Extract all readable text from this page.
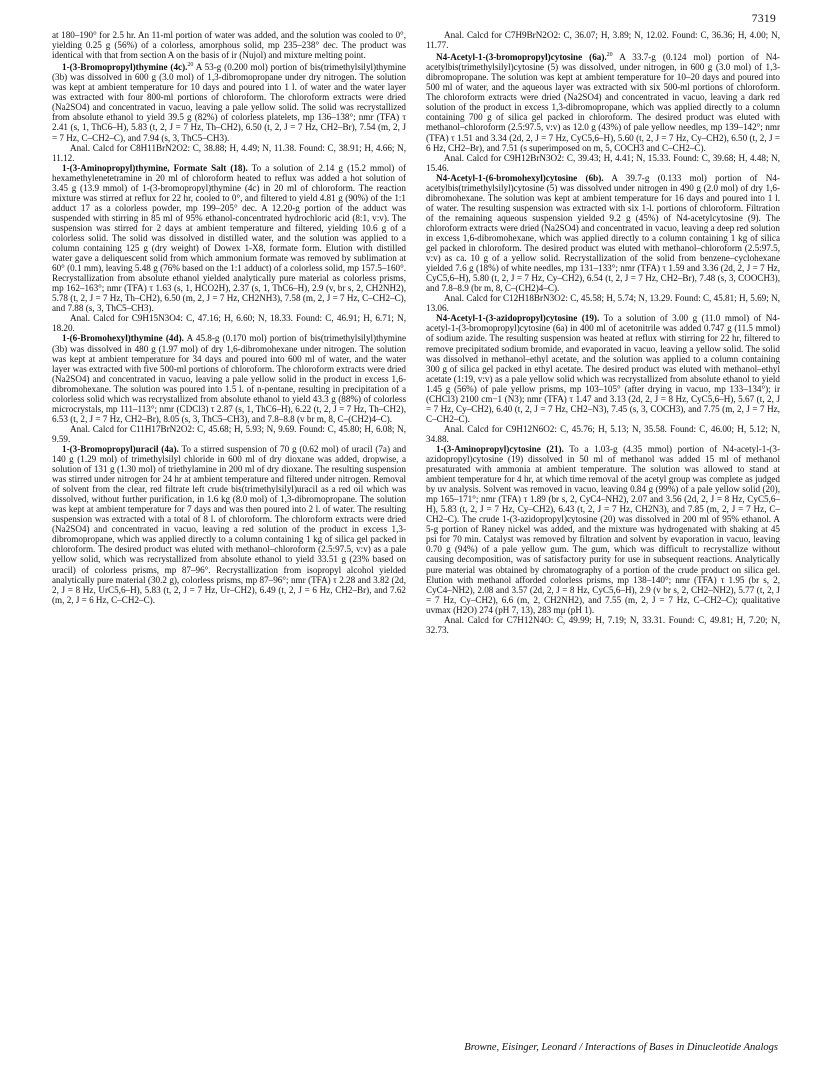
7319

at 180–190° for 2.5 hr. An 11-ml portion of water was added, and the solution was cooled to 0°, yielding 0.25 g (56%) of a colorless, amorphous solid, mp 235–238° dec. The product was identical with that from section A on the basis of ir (Nujol) and mixture melting point.

1-(3-Bromopropyl)thymine (4c).$^{20}$ A 53-g (0.200 mol) portion of bis(trimethylsilyl)thymine (3b) was dissolved in 600 g (3.0 mol) of 1,3-dibromopropane under dry nitrogen. The solution was kept at ambient temperature for 10 days and poured into 1 l. of water and the water layer was extracted with four 800-ml portions of chloroform. The chloroform extracts were dried (Na2SO4) and concentrated in vacuo, leaving a pale yellow solid. The solid was recrystallized from absolute ethanol to yield 39.5 g (82%) of colorless platelets, mp 136–138°; nmr (TFA) τ 2.41 (s, 1, ThC6–H), 5.83 (t, 2, J = 7 Hz, Th–CH2), 6.50 (t, 2, J = 7 Hz, CH2–Br), 7.54 (m, 2, J = 7 Hz, C–CH2–C), and 7.94 (s, 3, ThC5–CH3).

Anal. Calcd for C8H11BrN2O2: C, 38.88; H, 4.49; N, 11.38. Found: C, 38.91; H, 4.66; N, 11.12.

1-(3-Aminopropyl)thymine, Formate Salt (18). To a solution of 2.14 g (15.2 mmol) of hexamethylenetetramine in 20 ml of chloroform heated to reflux was added a hot solution of 3.45 g (13.9 mmol) of 1-(3-bromopropyl)thymine (4c) in 20 ml of chloroform. The reaction mixture was stirred at reflux for 22 hr, cooled to 0°, and filtered to yield 4.81 g (90%) of the 1:1 adduct 17 as a colorless powder, mp 199–205° dec. A 12.20-g portion of the adduct was suspended with stirring in 85 ml of 95% ethanol-concentrated hydrochloric acid (8:1, v:v). The suspension was stirred for 2 days at ambient temperature and filtered, yielding 10.6 g of a colorless solid. The solid was dissolved in distilled water, and the solution was applied to a column containing 125 g (dry weight) of Dowex 1-X8, formate form. Elution with distilled water gave a deliquescent solid from which ammonium formate was removed by sublimation at 60° (0.1 mm), leaving 5.48 g (76% based on the 1:1 adduct) of a colorless solid, mp 157.5–160°. Recrystallization from absolute ethanol yielded analytically pure material as colorless prisms, mp 162–163°; nmr (TFA) τ 1.63 (s, 1, HCO2H), 2.37 (s, 1, ThC6–H), 2.9 (v, br s, 2, CH2NH2), 5.78 (t, 2, J = 7 Hz, Th–CH2), 6.50 (m, 2, J = 7 Hz, CH2NH3), 7.58 (m, 2, J = 7 Hz, C–CH2–C), and 7.88 (s, 3, ThC5–CH3).

Anal. Calcd for C9H15N3O4: C, 47.16; H, 6.60; N, 18.33. Found: C, 46.91; H, 6.71; N, 18.20.

1-(6-Bromohexyl)thymine (4d). A 45.8-g (0.170 mol) portion of bis(trimethylsilyl)thymine (3b) was dissolved in 480 g (1.97 mol) of dry 1,6-dibromohexane under nitrogen. The solution was kept at ambient temperature for 34 days and poured into 600 ml of water, and the water layer was extracted with five 500-ml portions of chloroform. The chloroform extracts were dried (Na2SO4) and concentrated in vacuo, leaving a pale yellow solid in the product in excess 1,6-dibromohexane. The solution was poured into 1.5 l. of n-pentane, resulting in precipitation of a colorless solid which was recrystallized from absolute ethanol to yield 43.3 g (88%) of colorless microcrystals, mp 111–113°; nmr (CDCl3) τ 2.87 (s, 1, ThC6–H), 6.22 (t, 2, J = 7 Hz, Th–CH2), 6.53 (t, 2, J = 7 Hz, CH2–Br), 8.05 (s, 3, ThC5–CH3), and 7.8–8.8 (v br m, 8, C–(CH2)4–C).

Anal. Calcd for C11H17BrN2O2: C, 45.68; H, 5.93; N, 9.69. Found: C, 45.80; H, 6.08; N, 9.59.

1-(3-Bromopropyl)uracil (4a). To a stirred suspension of 70 g (0.62 mol) of uracil (7a) and 140 g (1.29 mol) of trimethylsilyl chloride in 600 ml of dry dioxane was added, dropwise, a solution of 131 g (1.30 mol) of triethylamine in 200 ml of dry dioxane. The resulting suspension was stirred under nitrogen for 24 hr at ambient temperature and filtered under nitrogen. Removal of solvent from the clear, red filtrate left crude bis(trimethylsilyl)uracil as a red oil which was dissolved, without further purification, in 1.6 kg (8.0 mol) of 1,3-dibromopropane. The solution was kept at ambient temperature for 7 days and was then poured into 2 l. of water. The resulting suspension was extracted with a total of 8 l. of chloroform. The chloroform extracts were dried (Na2SO4) and concentrated in vacuo, leaving a red solution of the product in excess 1,3-dibromopropane, which was applied directly to a column containing 1 kg of silica gel packed in chloroform. The desired product was eluted with methanol–chloroform (2.5:97.5, v:v) as a pale yellow solid, which was recrystallized from absolute ethanol to yield 33.51 g (23% based on uracil) of colorless prisms, mp 87–96°. Recrystallization from isopropyl alcohol yielded analytically pure material (30.2 g), colorless prisms, mp 87–96°; nmr (TFA) τ 2.28 and 3.82 (2d, 2, J = 8 Hz, UrC5,6–H), 5.83 (t, 2, J = 7 Hz, Ur–CH2), 6.49 (t, 2, J = 6 Hz, CH2–Br), and 7.62 (m, 2, J = 6 Hz, C–CH2–C).

Anal. Calcd for C7H9BrN2O2: C, 36.07; H, 3.89; N, 12.02. Found: C, 36.36; H, 4.00; N, 11.77.

N4-Acetyl-1-(3-bromopropyl)cytosine (6a).$^{20}$ A 33.7-g (0.124 mol) portion of N4-acetylbis(trimethylsilyl)cytosine (5) was dissolved, under nitrogen, in 600 g (3.0 mol) of 1,3-dibromopropane. The solution was kept at ambient temperature for 10–20 days and poured into 500 ml of water, and the aqueous layer was extracted with six 500-ml portions of chloroform. The chloroform extracts were dried (Na2SO4) and concentrated in vacuo, leaving a dark red solution of the product in excess 1,3-dibromopropane, which was applied directly to a column containing 700 g of silica gel packed in chloroform. The desired product was eluted with methanol–chloroform (2.5:97.5, v:v) as 12.0 g (43%) of pale yellow needles, mp 139–142°; nmr (TFA) τ 1.51 and 3.34 (2d, 2, J = 7 Hz, CyC5,6–H), 5.60 (t, 2, J = 7 Hz, Cy–CH2), 6.50 (t, 2, J = 6 Hz, CH2–Br), and 7.51 (s superimposed on m, 5, COCH3 and C–CH2–C).

Anal. Calcd for C9H12BrN3O2: C, 39.43; H, 4.41; N, 15.33. Found: C, 39.68; H, 4.48; N, 15.46.

N4-Acetyl-1-(6-bromohexyl)cytosine (6b). A 39.7-g (0.133 mol) portion of N4-acetylbis(trimethylsilyl)cytosine (5) was dissolved under nitrogen in 490 g (2.0 mol) of dry 1,6-dibromohexane. The solution was kept at ambient temperature for 16 days and poured into 1 l. of water. The resulting suspension was extracted with six 1-l. portions of chloroform. Filtration of the remaining aqueous suspension yielded 9.2 g (45%) of N4-acetylcytosine (9). The chloroform extracts were dried (Na2SO4) and concentrated in vacuo, leaving a deep red solution in excess 1,6-dibromohexane, which was applied directly to a column containing 1 kg of silica gel packed in chloroform. The desired product was eluted with methanol–chloroform (2.5:97.5, v:v) as ca. 10 g of a yellow solid. Recrystallization of the solid from benzene–cyclohexane yielded 7.6 g (18%) of white needles, mp 131–133°; nmr (TFA) τ 1.59 and 3.36 (2d, 2, J = 7 Hz, CyC5,6–H), 5.80 (t, 2, J = 7 Hz, Cy–CH2), 6.54 (t, 2, J = 7 Hz, CH2–Br), 7.48 (s, 3, COOCH3), and 7.8–8.9 (br m, 8, C–(CH2)4–C).

Anal. Calcd for C12H18BrN3O2: C, 45.58; H, 5.74; N, 13.29. Found: C, 45.81; H, 5.69; N, 13.06.

N4-Acetyl-1-(3-azidopropyl)cytosine (19). To a solution of 3.00 g (11.0 mmol) of N4-acetyl-1-(3-bromopropyl)cytosine (6a) in 400 ml of acetonitrile was added 0.747 g (11.5 mmol) of sodium azide. The resulting suspension was heated at reflux with stirring for 22 hr, filtered to remove precipitated sodium bromide, and evaporated in vacuo, leaving a yellow solid. The solid was dissolved in methanol–ethyl acetate, and the solution was applied to a column containing 300 g of silica gel packed in ethyl acetate. The desired product was eluted with methanol–ethyl acetate (1:19, v:v) as a pale yellow solid which was recrystallized from absolute ethanol to yield 1.45 g (56%) of pale yellow prisms, mp 103–105° (after drying in vacuo, mp 133–134°); ir (CHCl3) 2100 cm−1 (N3); nmr (TFA) τ 1.47 and 3.13 (2d, 2, J = 8 Hz, CyC5,6–H), 5.67 (t, 2, J = 7 Hz, Cy–CH2), 6.40 (t, 2, J = 7 Hz, CH2–N3), 7.45 (s, 3, COCH3), and 7.75 (m, 2, J = 7 Hz, C–CH2–C).

Anal. Calcd for C9H12N6O2: C, 45.76; H, 5.13; N, 35.58. Found: C, 46.00; H, 5.12; N, 34.88.

1-(3-Aminopropyl)cytosine (21). To a 1.03-g (4.35 mmol) portion of N4-acetyl-1-(3-azidopropyl)cytosine (19) dissolved in 50 ml of methanol was added 15 ml of methanol presaturated with ammonia at ambient temperature. The solution was allowed to stand at ambient temperature for 4 hr, at which time removal of the acetyl group was complete as judged by uv analysis. Solvent was removed in vacuo, leaving 0.84 g (99%) of a pale yellow solid (20), mp 165–171°; nmr (TFA) τ 1.89 (br s, 2, CyC4–NH2), 2.07 and 3.56 (2d, 2, J = 8 Hz, CyC5,6–H), 5.83 (t, 2, J = 7 Hz, Cy–CH2), 6.43 (t, 2, J = 7 Hz, CH2N3), and 7.85 (m, 2, J = 7 Hz, C–CH2–C). The crude 1-(3-azidopropyl)cytosine (20) was dissolved in 200 ml of 95% ethanol. A 5-g portion of Raney nickel was added, and the mixture was hydrogenated with shaking at 45 psi for 70 min. Catalyst was removed by filtration and solvent by evaporation in vacuo, leaving 0.70 g (94%) of a pale yellow gum. The gum, which was difficult to recrystallize without causing decomposition, was of satisfactory purity for use in subsequent reactions. Analytically pure material was obtained by chromatography of a portion of the crude product on silica gel. Elution with methanol afforded colorless prisms, mp 138–140°; nmr (TFA) τ 1.95 (br s, 2, CyC4–NH2), 2.08 and 3.57 (2d, 2, J = 8 Hz, CyC5,6–H), 2.9 (v br s, 2, CH2–NH2), 5.77 (t, 2, J = 7 Hz, Cy–CH2), 6.6 (m, 2, CH2NH2), and 7.55 (m, 2, J = 7 Hz, C–CH2–C); qualitative uvmax (H2O) 274 (pH 7, 13), 283 mμ (pH 1).

Anal. Calcd for C7H12N4O: C, 49.99; H, 7.19; N, 33.31. Found: C, 49.81; H, 7.20; N, 32.73.

Browne, Eisinger, Leonard / Interactions of Bases in Dinucleotide Analogs
